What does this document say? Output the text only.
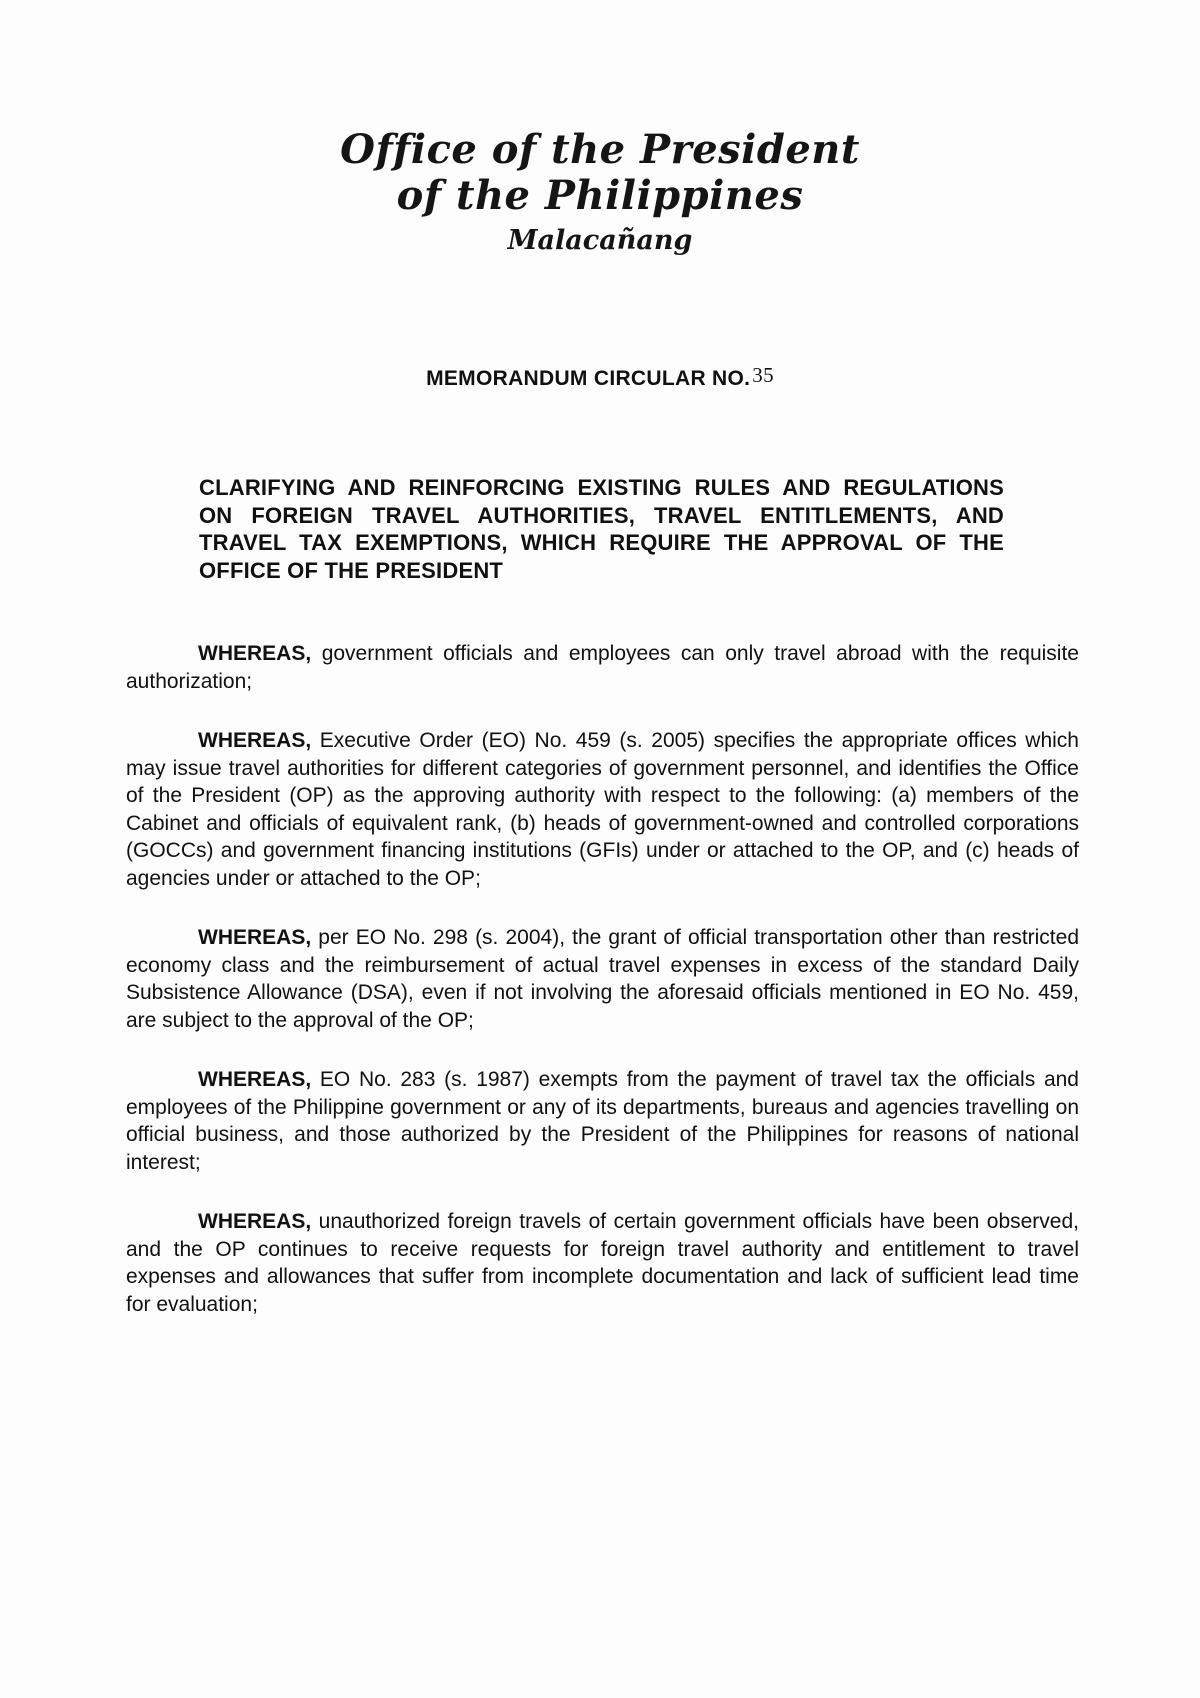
Office of the President
of the Philippines
Malacañang
MEMORANDUM CIRCULAR NO.35
CLARIFYING AND REINFORCING EXISTING RULES AND REGULATIONS ON FOREIGN TRAVEL AUTHORITIES, TRAVEL ENTITLEMENTS, AND TRAVEL TAX EXEMPTIONS, WHICH REQUIRE THE APPROVAL OF THE OFFICE OF THE PRESIDENT

WHEREAS, government officials and employees can only travel abroad with the requisite authorization;

WHEREAS, Executive Order (EO) No. 459 (s. 2005) specifies the appropriate offices which may issue travel authorities for different categories of government personnel, and identifies the Office of the President (OP) as the approving authority with respect to the following: (a) members of the Cabinet and officials of equivalent rank, (b) heads of government-owned and controlled corporations (GOCCs) and government financing institutions (GFIs) under or attached to the OP, and (c) heads of agencies under or attached to the OP;

WHEREAS, per EO No. 298 (s. 2004), the grant of official transportation other than restricted economy class and the reimbursement of actual travel expenses in excess of the standard Daily Subsistence Allowance (DSA), even if not involving the aforesaid officials mentioned in EO No. 459, are subject to the approval of the OP;

WHEREAS, EO No. 283 (s. 1987) exempts from the payment of travel tax the officials and employees of the Philippine government or any of its departments, bureaus and agencies travelling on official business, and those authorized by the President of the Philippines for reasons of national interest;

WHEREAS, unauthorized foreign travels of certain government officials have been observed, and the OP continues to receive requests for foreign travel authority and entitlement to travel expenses and allowances that suffer from incomplete documentation and lack of sufficient lead time for evaluation;
